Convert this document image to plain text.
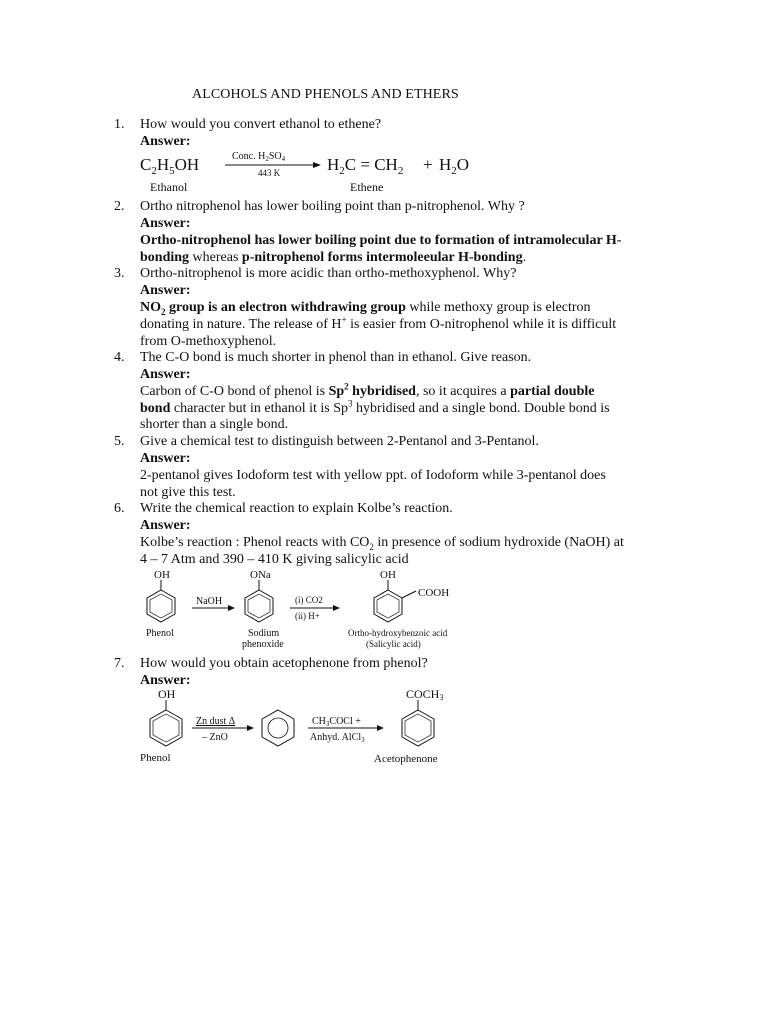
ALCOHOLS AND PHENOLS AND ETHERS
1. How would you convert ethanol to ethene?
Answer:
$C_2H_5OH$	Conc. $H_2SO_4$
443 K	$H_2C = CH_2 + H_2O$
Ethanol	Ethene
2. Ortho nitrophenol has lower boiling point than p-nitrophenol. Why ?
Answer:
Ortho-nitrophenol has lower boiling point due to formation of intramolecular H-
bonding whereas p-nitrophenol forms intermoleeular H-bonding.
3. Ortho-nitrophenol is more acidic than ortho-methoxyphenol. Why?
Answer:
$NO_2$ group is an electron withdrawing group while methoxy group is electron
donating in nature. The release of H+ is easier from O-nitrophenol while it is difficult
from O-methoxyphenol.
4. The C-O bond is much shorter in phenol than in ethanol. Give reason.
Answer:
Carbon of C-O bond of phenol is Sp$^2$ hybridised, so it acquires a partial double
bond character but in ethanol it is Sp$^3$ hybridised and a single bond. Double bond is
shorter than a single bond.
5. Give a chemical test to distinguish between 2-Pentanol and 3-Pentanol.
Answer:
2-pentanol gives Iodoform test with yellow ppt. of Iodoform while 3-pentanol does
not give this test.
6. Write the chemical reaction to explain Kolbe’s reaction.
Answer:
Kolbe’s reaction : Phenol reacts with $CO_2$ in presence of sodium hydroxide (NaOH) at
4 – 7 Atm and 390 – 410 K giving salicylic acid
OH
Phenol
NaOH
ONa
Sodium
phenoxide
(i) CO2
(ii) H+
OH
COOH
Ortho-hydroxybenzoic acid
(Salicylic acid)
7. How would you obtain acetophenone from phenol?
Answer:
OH
Phenol
Zn dust Δ
– ZnO
$CH_3COCl$ +
Anhyd. AlCl$_3$
COCH3
Acetophenone
